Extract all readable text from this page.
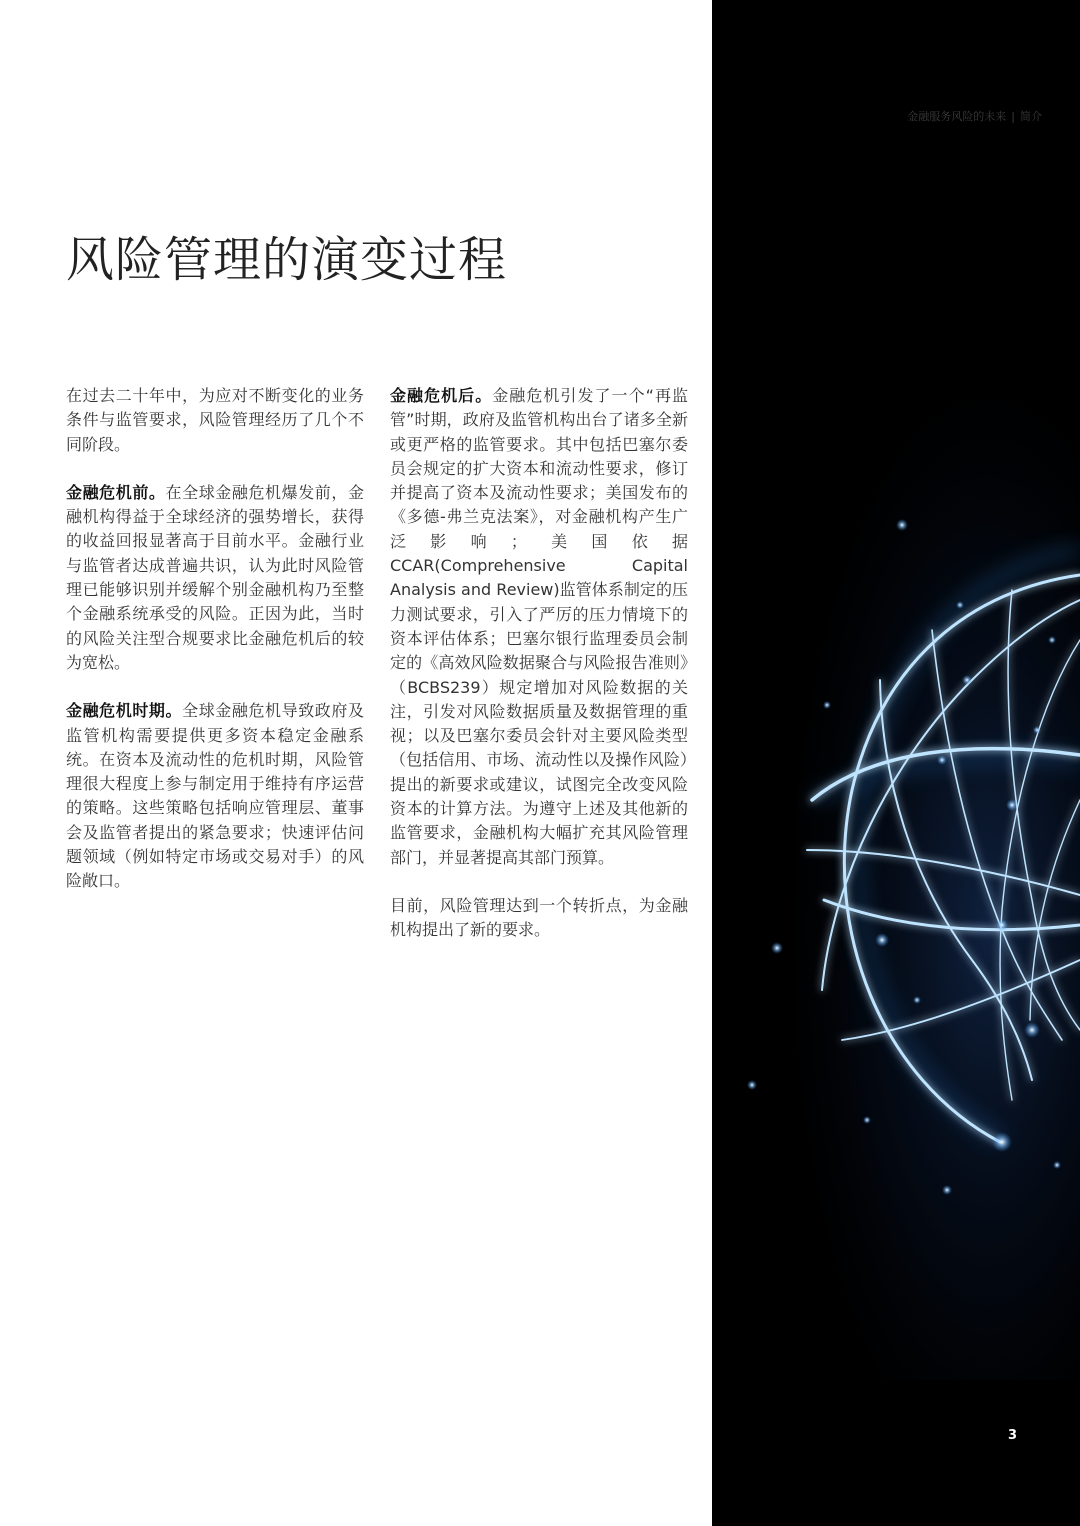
风险管理的演变过程

在过去二十年中，为应对不断变化的业务条件与监管要求，风险管理经历了几个不同阶段。

金融危机前。在全球金融危机爆发前，金融机构得益于全球经济的强势增长，获得的收益回报显著高于目前水平。金融行业与监管者达成普遍共识，认为此时风险管理已能够识别并缓解个别金融机构乃至整个金融系统承受的风险。正因为此，当时的风险关注型合规要求比金融危机后的较为宽松。

金融危机时期。全球金融危机导致政府及监管机构需要提供更多资本稳定金融系统。在资本及流动性的危机时期，风险管理很大程度上参与制定用于维持有序运营的策略。这些策略包括响应管理层、董事会及监管者提出的紧急要求；快速评估问题领域（例如特定市场或交易对手）的风险敞口。

金融危机后。金融危机引发了一个“再监管”时期，政府及监管机构出台了诸多全新或更严格的监管要求。其中包括巴塞尔委员会规定的扩大资本和流动性要求，修订并提高了资本及流动性要求；美国发布的《多德-弗兰克法案》，对金融机构产生广泛影响；美国依据CCAR(Comprehensive Capital Analysis and Review)监管体系制定的压力测试要求，引入了严厉的压力情境下的资本评估体系；巴塞尔银行监理委员会制定的《高效风险数据聚合与风险报告准则》（BCBS239）规定增加对风险数据的关注，引发对风险数据质量及数据管理的重视；以及巴塞尔委员会针对主要风险类型（包括信用、市场、流动性以及操作风险）提出的新要求或建议，试图完全改变风险资本的计算方法。为遵守上述及其他新的监管要求，金融机构大幅扩充其风险管理部门，并显著提高其部门预算。

目前，风险管理达到一个转折点，为金融机构提出了新的要求。

金融服务风险的未来 | 简介
3
